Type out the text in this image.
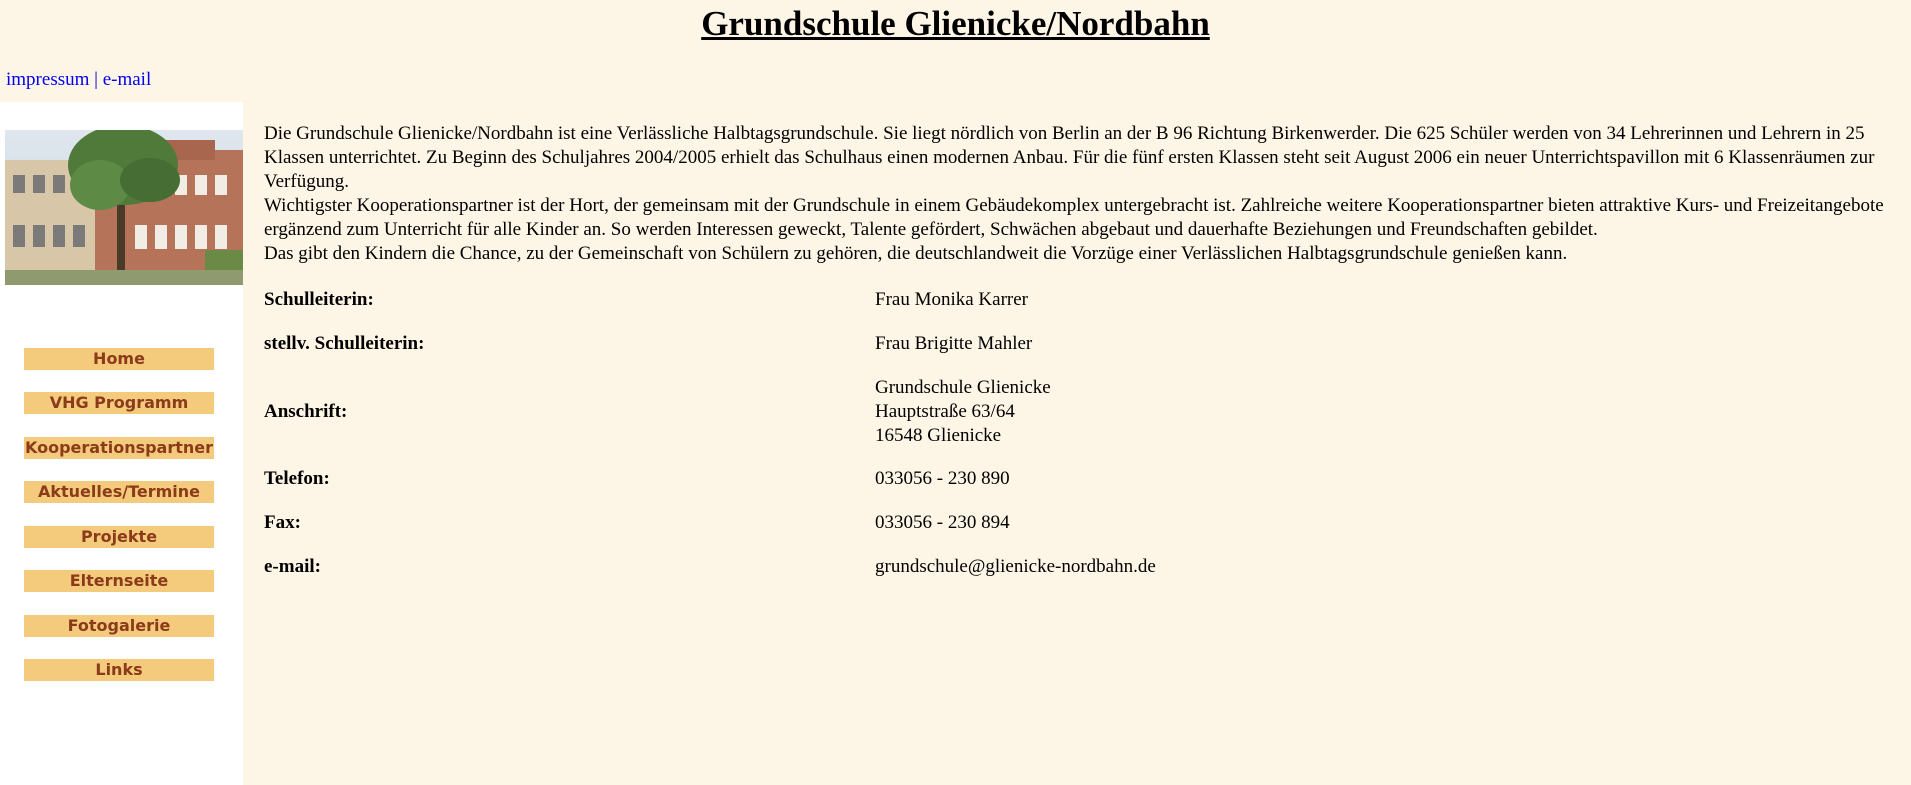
Grundschule Glienicke/Nordbahn
impressum | e-mail
Home
VHG Programm
Kooperationspartner
Aktuelles/Termine
Projekte
Elternseite
Fotogalerie
Links

Die Grundschule Glienicke/Nordbahn ist eine Verlässliche Halbtagsgrundschule. Sie liegt nördlich von Berlin an der B 96 Richtung Birkenwerder. Die 625 Schüler werden von 34 Lehrerinnen und Lehrern in 25 Klassen unterrichtet. Zu Beginn des Schuljahres 2004/2005 erhielt das Schulhaus einen modernen Anbau. Für die fünf ersten Klassen steht seit August 2006 ein neuer Unterrichtspavillon mit 6 Klassenräumen zur Verfügung.

Wichtigster Kooperationspartner ist der Hort, der gemeinsam mit der Grundschule in einem Gebäudekomplex untergebracht ist. Zahlreiche weitere Kooperationspartner bieten attraktive Kurs- und Freizeitangebote ergänzend zum Unterricht für alle Kinder an. So werden Interessen geweckt, Talente gefördert, Schwächen abgebaut und dauerhafte Beziehungen und Freundschaften gebildet.

Das gibt den Kindern die Chance, zu der Gemeinschaft von Schülern zu gehören, die deutschlandweit die Vorzüge einer Verlässlichen Halbtagsgrundschule genießen kann.

Schulleiterin:	Frau Monika Karrer
stellv. Schulleiterin:	Frau Brigitte Mahler
Anschrift:
Grundschule Glienicke
Hauptstraße 63/64
16548 Glienicke
Telefon:	033056 - 230 890
Fax:	033056 - 230 894
e-mail:	grundschule@glienicke-nordbahn.de
